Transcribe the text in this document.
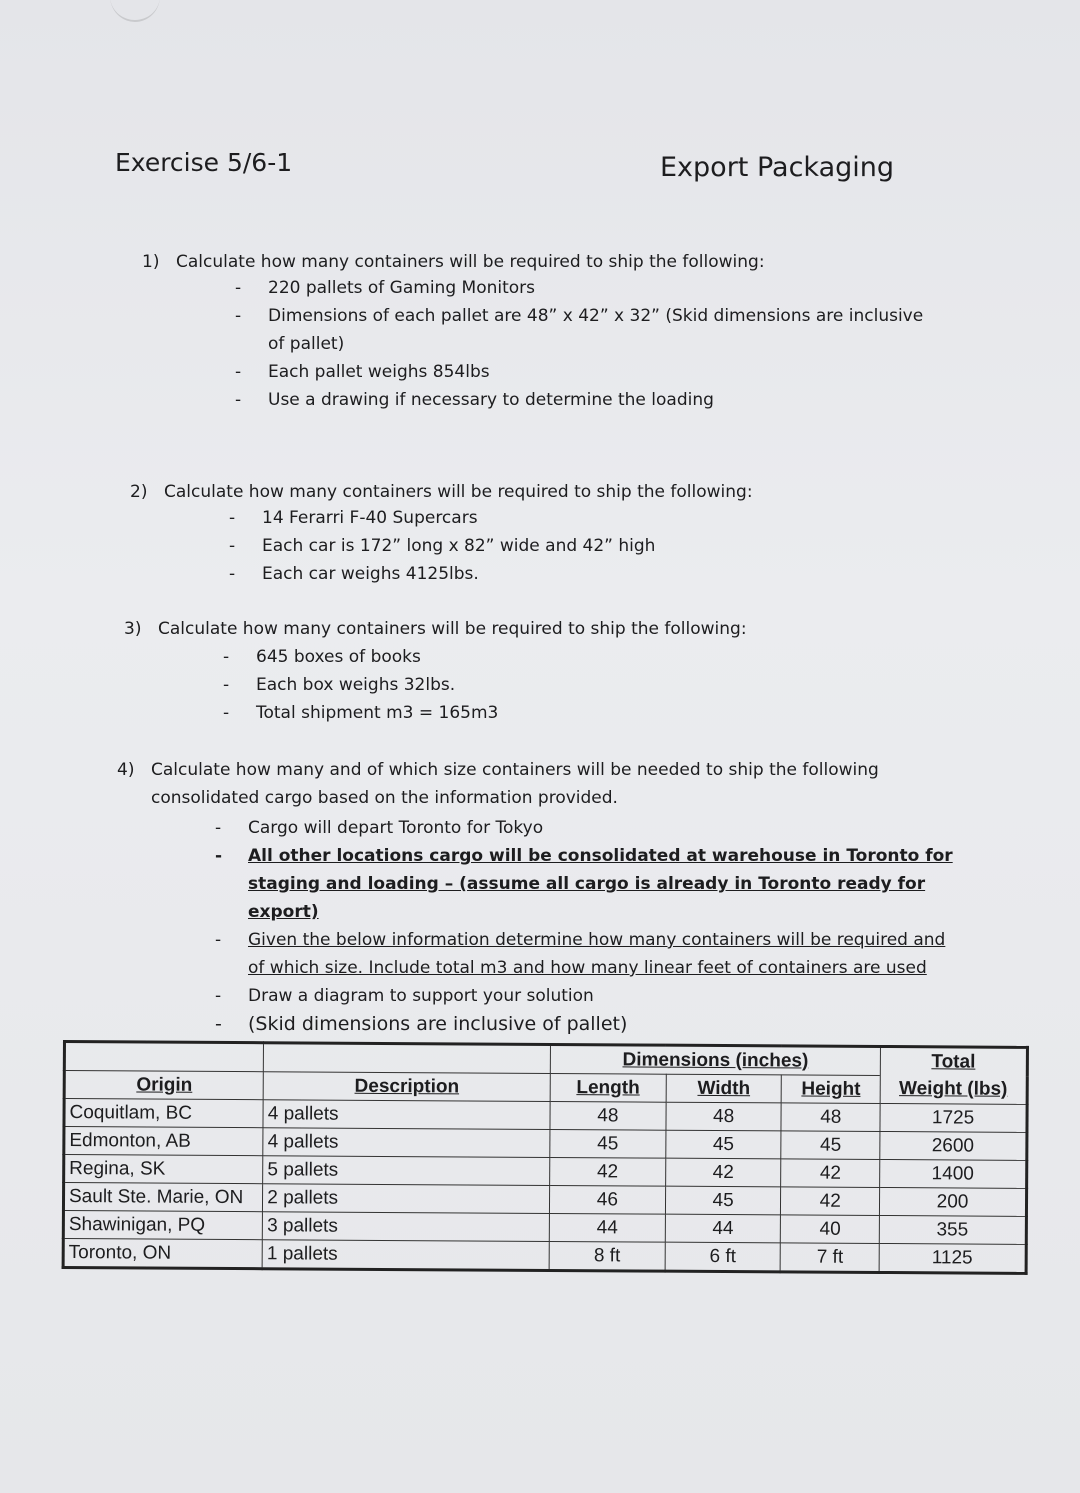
Exercise 5/6-1	Export Packaging
1) Calculate how many containers will be required to ship the following:
- 220 pallets of Gaming Monitors
- Dimensions of each pallet are 48” x 42” x 32” (Skid dimensions are inclusive of pallet)
- Each pallet weighs 854lbs
- Use a drawing if necessary to determine the loading
2) Calculate how many containers will be required to ship the following:
- 14 Ferarri F-40 Supercars
- Each car is 172” long x 82” wide and 42” high
- Each car weighs 4125lbs.
3) Calculate how many containers will be required to ship the following:
- 645 boxes of books
- Each box weighs 32lbs.
- Total shipment m3 = 165m3
4) Calculate how many and of which size containers will be needed to ship the following consolidated cargo based on the information provided.
- Cargo will depart Toronto for Tokyo
- All other locations cargo will be consolidated at warehouse in Toronto for staging and loading – (assume all cargo is already in Toronto ready for export)
- Given the below information determine how many containers will be required and of which size. Include total m3 and how many linear feet of containers are used
- Draw a diagram to support your solution
- (Skid dimensions are inclusive of pallet)
		Dimensions (inches)			Total
Origin	Description	Length	Width	Height	Weight (lbs)
Coquitlam, BC	4 pallets	48	48	48	1725
Edmonton, AB	4 pallets	45	45	45	2600
Regina, SK	5 pallets	42	42	42	1400
Sault Ste. Marie, ON	2 pallets	46	45	42	200
Shawinigan, PQ	3 pallets	44	44	40	355
Toronto, ON	1 pallets	8 ft	6 ft	7 ft	1125
